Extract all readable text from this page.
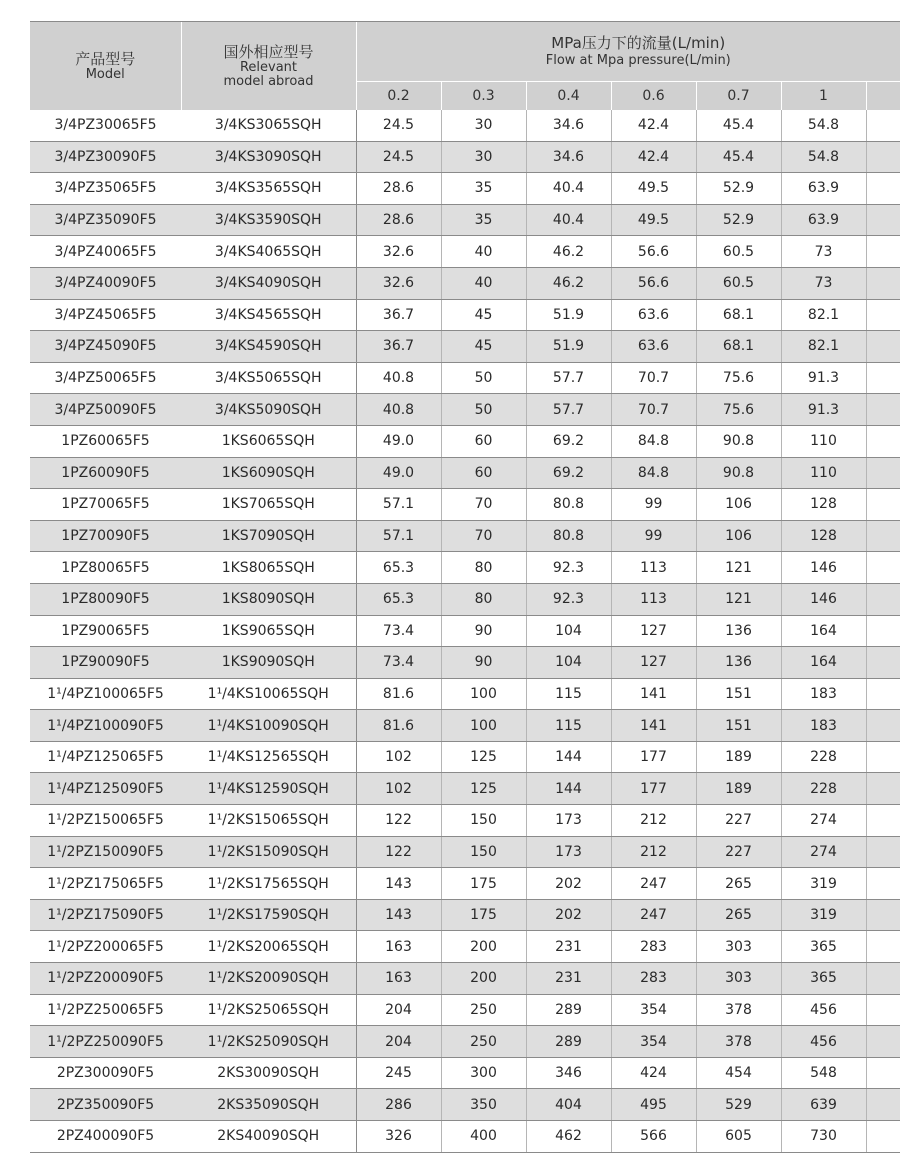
产品型号
Model	国外相应型号
Relevant
model abroad	MPa压力下的流量(L/min)
Flow at Mpa pressure(L/min)						

		0.2	0.3	0.4	0.6	0.7	1	
3/4PZ30065F5	3/4KS3065SQH	24.5	30	34.6	42.4	45.4	54.8	
3/4PZ30090F5	3/4KS3090SQH	24.5	30	34.6	42.4	45.4	54.8	
3/4PZ35065F5	3/4KS3565SQH	28.6	35	40.4	49.5	52.9	63.9	
3/4PZ35090F5	3/4KS3590SQH	28.6	35	40.4	49.5	52.9	63.9	
3/4PZ40065F5	3/4KS4065SQH	32.6	40	46.2	56.6	60.5	73	
3/4PZ40090F5	3/4KS4090SQH	32.6	40	46.2	56.6	60.5	73	
3/4PZ45065F5	3/4KS4565SQH	36.7	45	51.9	63.6	68.1	82.1	
3/4PZ45090F5	3/4KS4590SQH	36.7	45	51.9	63.6	68.1	82.1	
3/4PZ50065F5	3/4KS5065SQH	40.8	50	57.7	70.7	75.6	91.3	
3/4PZ50090F5	3/4KS5090SQH	40.8	50	57.7	70.7	75.6	91.3	
1PZ60065F5	1KS6065SQH	49.0	60	69.2	84.8	90.8	110	
1PZ60090F5	1KS6090SQH	49.0	60	69.2	84.8	90.8	110	
1PZ70065F5	1KS7065SQH	57.1	70	80.8	99	106	128	
1PZ70090F5	1KS7090SQH	57.1	70	80.8	99	106	128	
1PZ80065F5	1KS8065SQH	65.3	80	92.3	113	121	146	
1PZ80090F5	1KS8090SQH	65.3	80	92.3	113	121	146	
1PZ90065F5	1KS9065SQH	73.4	90	104	127	136	164	
1PZ90090F5	1KS9090SQH	73.4	90	104	127	136	164	
1¹/4PZ100065F5	1¹/4KS10065SQH	81.6	100	115	141	151	183	
1¹/4PZ100090F5	1¹/4KS10090SQH	81.6	100	115	141	151	183	
1¹/4PZ125065F5	1¹/4KS12565SQH	102	125	144	177	189	228	
1¹/4PZ125090F5	1¹/4KS12590SQH	102	125	144	177	189	228	
1¹/2PZ150065F5	1¹/2KS15065SQH	122	150	173	212	227	274	
1¹/2PZ150090F5	1¹/2KS15090SQH	122	150	173	212	227	274	
1¹/2PZ175065F5	1¹/2KS17565SQH	143	175	202	247	265	319	
1¹/2PZ175090F5	1¹/2KS17590SQH	143	175	202	247	265	319	
1¹/2PZ200065F5	1¹/2KS20065SQH	163	200	231	283	303	365	
1¹/2PZ200090F5	1¹/2KS20090SQH	163	200	231	283	303	365	
1¹/2PZ250065F5	1¹/2KS25065SQH	204	250	289	354	378	456	
1¹/2PZ250090F5	1¹/2KS25090SQH	204	250	289	354	378	456	
2PZ300090F5	2KS30090SQH	245	300	346	424	454	548	
2PZ350090F5	2KS35090SQH	286	350	404	495	529	639	
2PZ400090F5	2KS40090SQH	326	400	462	566	605	730	
